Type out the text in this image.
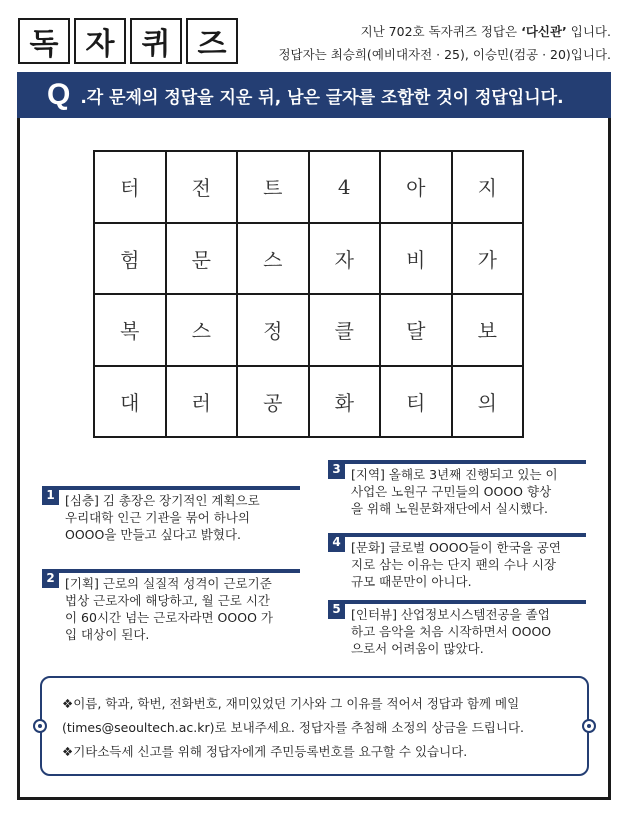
독 자 퀴 즈	지난 702호 독자퀴즈 정답은 ‘다신관’ 입니다.
정답자는 최승희(예비대자전 · 25), 이승민(컴공 · 20)입니다.
Q .각 문제의 정답을 지운 뒤, 남은 글자를 조합한 것이 정답입니다.
터	전	트	4	아	지
험	문	스	자	비	가
복	스	정	클	달	보
대	러	공	화	티	의
1 [심층] 김 총장은 장기적인 계획으로
우리대학 인근 기관을 묶어 하나의
OOOO을 만들고 싶다고 밝혔다.
2 [기획] 근로의 실질적 성격이 근로기준
법상 근로자에 해당하고, 월 근로 시간
이 60시간 넘는 근로자라면 OOOO 가
입 대상이 된다.
3 [지역] 올해로 3년째 진행되고 있는 이
사업은 노원구 구민들의 OOOO 향상
을 위해 노원문화재단에서 실시했다.
4 [문화] 글로벌 OOOO들이 한국을 공연
지로 삼는 이유는 단지 팬의 수나 시장
규모 때문만이 아니다.
5 [인터뷰] 산업정보시스템전공을 졸업
하고 음악을 처음 시작하면서 OOOO
으로서 어려움이 많았다.
❖이름, 학과, 학번, 전화번호, 재미있었던 기사와 그 이유를 적어서 정답과 함께 메일
(times@seoultech.ac.kr)로 보내주세요. 정답자를 추첨해 소정의 상금을 드립니다.
❖기타소득세 신고를 위해 정답자에게 주민등록번호를 요구할 수 있습니다.
